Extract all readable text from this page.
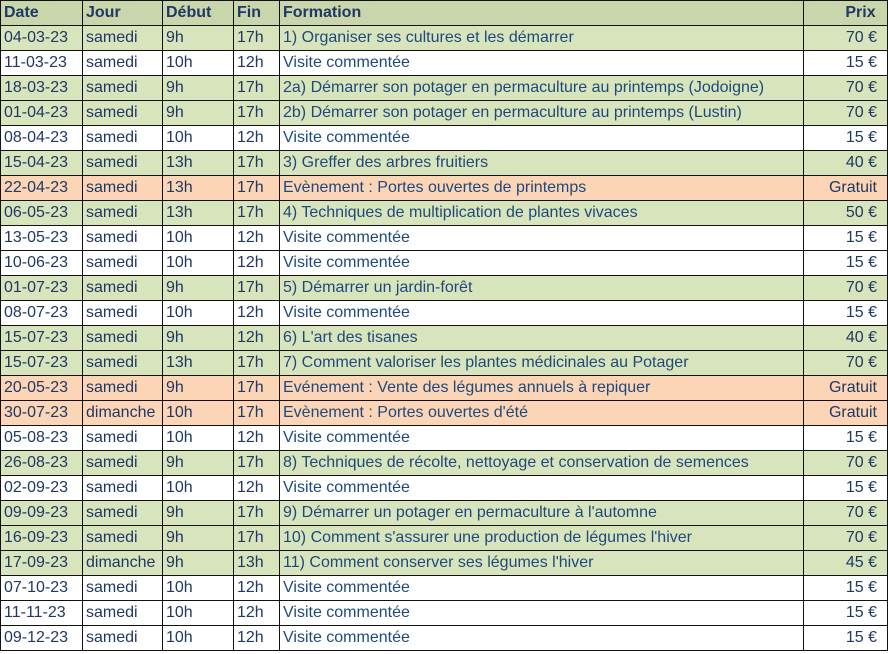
Date	Jour	Début	Fin	Formation	Prix
04-03-23	samedi	9h	17h	1) Organiser ses cultures et les démarrer	70 €
11-03-23	samedi	10h	12h	Visite commentée	15 €
18-03-23	samedi	9h	17h	2a) Démarrer son potager en permaculture au printemps (Jodoigne)	70 €
01-04-23	samedi	9h	17h	2b) Démarrer son potager en permaculture au printemps (Lustin)	70 €
08-04-23	samedi	10h	12h	Visite commentée	15 €
15-04-23	samedi	13h	17h	3) Greffer des arbres fruitiers	40 €
22-04-23	samedi	13h	17h	Evènement : Portes ouvertes de printemps	Gratuit
06-05-23	samedi	13h	17h	4) Techniques de multiplication de plantes vivaces	50 €
13-05-23	samedi	10h	12h	Visite commentée	15 €
10-06-23	samedi	10h	12h	Visite commentée	15 €
01-07-23	samedi	9h	17h	5) Démarrer un jardin-forêt	70 €
08-07-23	samedi	10h	12h	Visite commentée	15 €
15-07-23	samedi	9h	12h	6) L'art des tisanes	40 €
15-07-23	samedi	13h	17h	7) Comment valoriser les plantes médicinales au Potager	70 €
20-05-23	samedi	9h	17h	Evénement : Vente des légumes annuels à repiquer	Gratuit
30-07-23	dimanche	10h	17h	Evènement : Portes ouvertes d'été	Gratuit
05-08-23	samedi	10h	12h	Visite commentée	15 €
26-08-23	samedi	9h	17h	8) Techniques de récolte, nettoyage et conservation de semences	70 €
02-09-23	samedi	10h	12h	Visite commentée	15 €
09-09-23	samedi	9h	17h	9) Démarrer un potager en permaculture à l'automne	70 €
16-09-23	samedi	9h	17h	10) Comment s'assurer une production de légumes l'hiver	70 €
17-09-23	dimanche	9h	13h	11) Comment conserver ses légumes l'hiver	45 €
07-10-23	samedi	10h	12h	Visite commentée	15 €
11-11-23	samedi	10h	12h	Visite commentée	15 €
09-12-23	samedi	10h	12h	Visite commentée	15 €
